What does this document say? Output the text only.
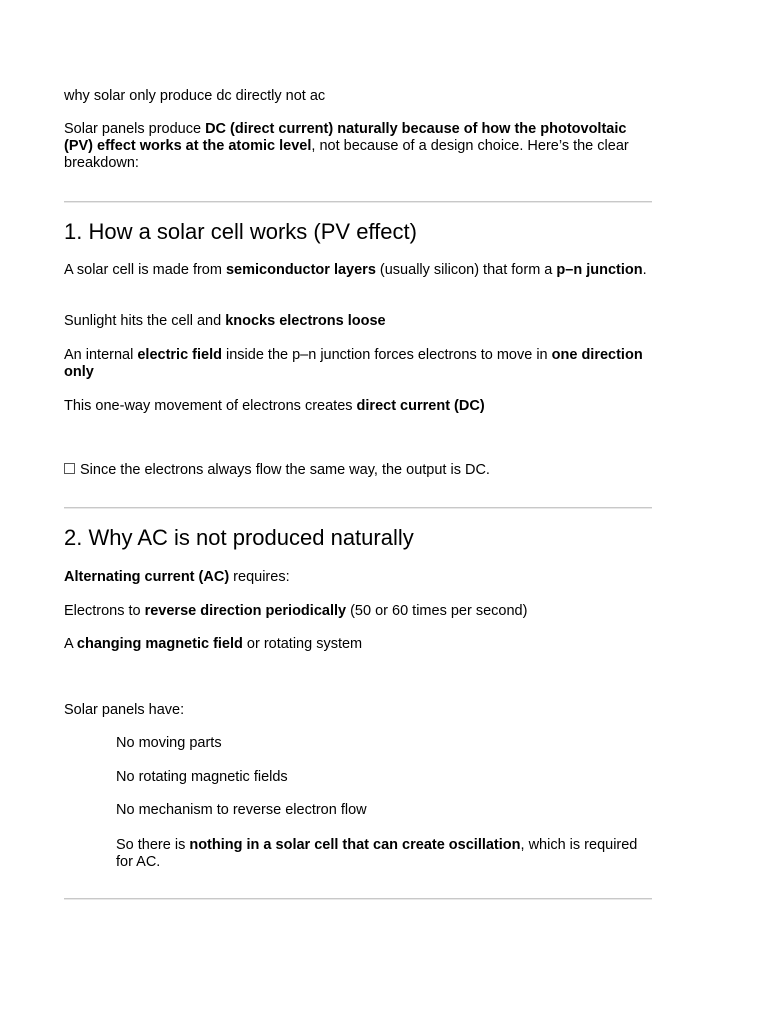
why solar only produce dc directly not ac

Solar panels produce DC (direct current) naturally because of how the photovoltaic (PV) effect works at the atomic level, not because of a design choice. Here’s the clear breakdown:

1. How a solar cell works (PV effect)

A solar cell is made from semiconductor layers (usually silicon) that form a p–n junction.

Sunlight hits the cell and knocks electrons loose

An internal electric field inside the p–n junction forces electrons to move in one direction only

This one-way movement of electrons creates direct current (DC)

Since the electrons always flow the same way, the output is DC.

2. Why AC is not produced naturally

Alternating current (AC) requires:

Electrons to reverse direction periodically (50 or 60 times per second)

A changing magnetic field or rotating system

Solar panels have:

No moving parts

No rotating magnetic fields

No mechanism to reverse electron flow

So there is nothing in a solar cell that can create oscillation, which is required for AC.
